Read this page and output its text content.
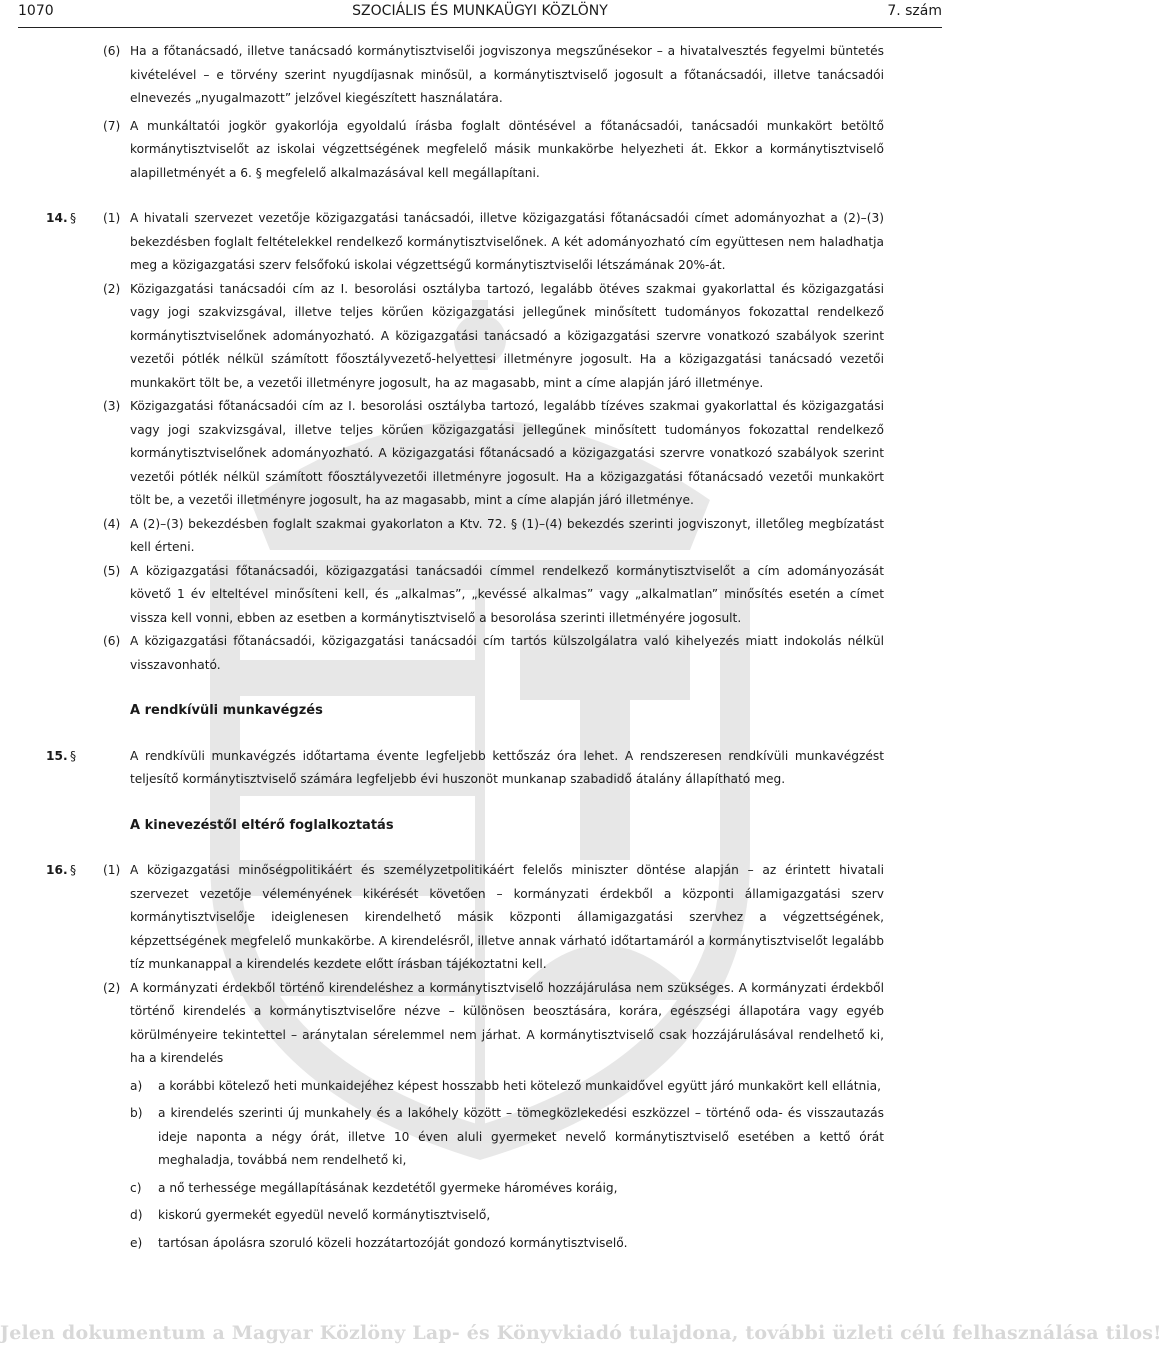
1070	SZOCIÁLIS ÉS MUNKAÜGYI KÖZLÖNY	7. szám
(6) Ha a főtanácsadó, illetve tanácsadó kormánytisztviselői jogviszonya megszűnésekor – a hivatalvesztés fegyelmi büntetés kivételével – e törvény szerint nyugdíjasnak minősül, a kormánytisztviselő jogosult a főtanácsadói, illetve tanácsadói elnevezés „nyugalmazott” jelzővel kiegészített használatára.
(7) A munkáltatói jogkör gyakorlója egyoldalú írásba foglalt döntésével a főtanácsadói, tanácsadói munkakört betöltő kormánytisztviselőt az iskolai végzettségének megfelelő másik munkakörbe helyezheti át. Ekkor a kormánytisztviselő alapilletményét a 6. § megfelelő alkalmazásával kell megállapítani.
14. § (1) A hivatali szervezet vezetője közigazgatási tanácsadói, illetve közigazgatási főtanácsadói címet adományozhat a (2)–(3) bekezdésben foglalt feltételekkel rendelkező kormánytisztviselőnek. A két adományozható cím együttesen nem haladhatja meg a közigazgatási szerv felsőfokú iskolai végzettségű kormánytisztviselői létszámának 20%-át.
(2) Közigazgatási tanácsadói cím az I. besorolási osztályba tartozó, legalább ötéves szakmai gyakorlattal és közigazgatási vagy jogi szakvizsgával, illetve teljes körűen közigazgatási jellegűnek minősített tudományos fokozattal rendelkező kormánytisztviselőnek adományozható. A közigazgatási tanácsadó a közigazgatási szervre vonatkozó szabályok szerint vezetői pótlék nélkül számított főosztályvezető-helyettesi illetményre jogosult. Ha a közigazgatási tanácsadó vezetői munkakört tölt be, a vezetői illetményre jogosult, ha az magasabb, mint a címe alapján járó illetménye.
(3) Közigazgatási főtanácsadói cím az I. besorolási osztályba tartozó, legalább tízéves szakmai gyakorlattal és közigazgatási vagy jogi szakvizsgával, illetve teljes körűen közigazgatási jellegűnek minősített tudományos fokozattal rendelkező kormánytisztviselőnek adományozható. A közigazgatási főtanácsadó a közigazgatási szervre vonatkozó szabályok szerint vezetői pótlék nélkül számított főosztályvezetői illetményre jogosult. Ha a közigazgatási főtanácsadó vezetői munkakört tölt be, a vezetői illetményre jogosult, ha az magasabb, mint a címe alapján járó illetménye.
(4) A (2)–(3) bekezdésben foglalt szakmai gyakorlaton a Ktv. 72. § (1)–(4) bekezdés szerinti jogviszonyt, illetőleg megbízatást kell érteni.
(5) A közigazgatási főtanácsadói, közigazgatási tanácsadói címmel rendelkező kormánytisztviselőt a cím adományozását követő 1 év elteltével minősíteni kell, és „alkalmas”, „kevéssé alkalmas” vagy „alkalmatlan” minősítés esetén a címet vissza kell vonni, ebben az esetben a kormánytisztviselő a besorolása szerinti illetményére jogosult.
(6) A közigazgatási főtanácsadói, közigazgatási tanácsadói cím tartós külszolgálatra való kihelyezés miatt indokolás nélkül visszavonható.
A rendkívüli munkavégzés
15. §	A rendkívüli munkavégzés időtartama évente legfeljebb kettőszáz óra lehet. A rendszeresen rendkívüli munkavégzést teljesítő kormánytisztviselő számára legfeljebb évi huszonöt munkanap szabadidő átalány állapítható meg.
A kinevezéstől eltérő foglalkoztatás
16. § (1) A közigazgatási minőségpolitikáért és személyzetpolitikáért felelős miniszter döntése alapján – az érintett hivatali szervezet vezetője véleményének kikérését követően – kormányzati érdekből a központi államigazgatási szerv kormánytisztviselője ideiglenesen kirendelhető másik központi államigazgatási szervhez a végzettségének, képzettségének megfelelő munkakörbe. A kirendelésről, illetve annak várható időtartamáról a kormánytisztviselőt legalább tíz munkanappal a kirendelés kezdete előtt írásban tájékoztatni kell.
(2) A kormányzati érdekből történő kirendeléshez a kormánytisztviselő hozzájárulása nem szükséges. A kormányzati érdekből történő kirendelés a kormánytisztviselőre nézve – különösen beosztására, korára, egészségi állapotára vagy egyéb körülményeire tekintettel – aránytalan sérelemmel nem járhat. A kormánytisztviselő csak hozzájárulásával rendelhető ki, ha a kirendelés
a) a korábbi kötelező heti munkaidejéhez képest hosszabb heti kötelező munkaidővel együtt járó munkakört kell ellátnia,
b) a kirendelés szerinti új munkahely és a lakóhely között – tömegközlekedési eszközzel – történő oda- és visszautazás ideje naponta a négy órát, illetve 10 éven aluli gyermeket nevelő kormánytisztviselő esetében a kettő órát meghaladja, továbbá nem rendelhető ki,
c) a nő terhessége megállapításának kezdetétől gyermeke hároméves koráig,
d) kiskorú gyermekét egyedül nevelő kormánytisztviselő,
e) tartósan ápolásra szoruló közeli hozzátartozóját gondozó kormánytisztviselő.
Jelen dokumentum a Magyar Közlöny Lap- és Könyvkiadó tulajdona, további üzleti célú felhasználása tilos!
